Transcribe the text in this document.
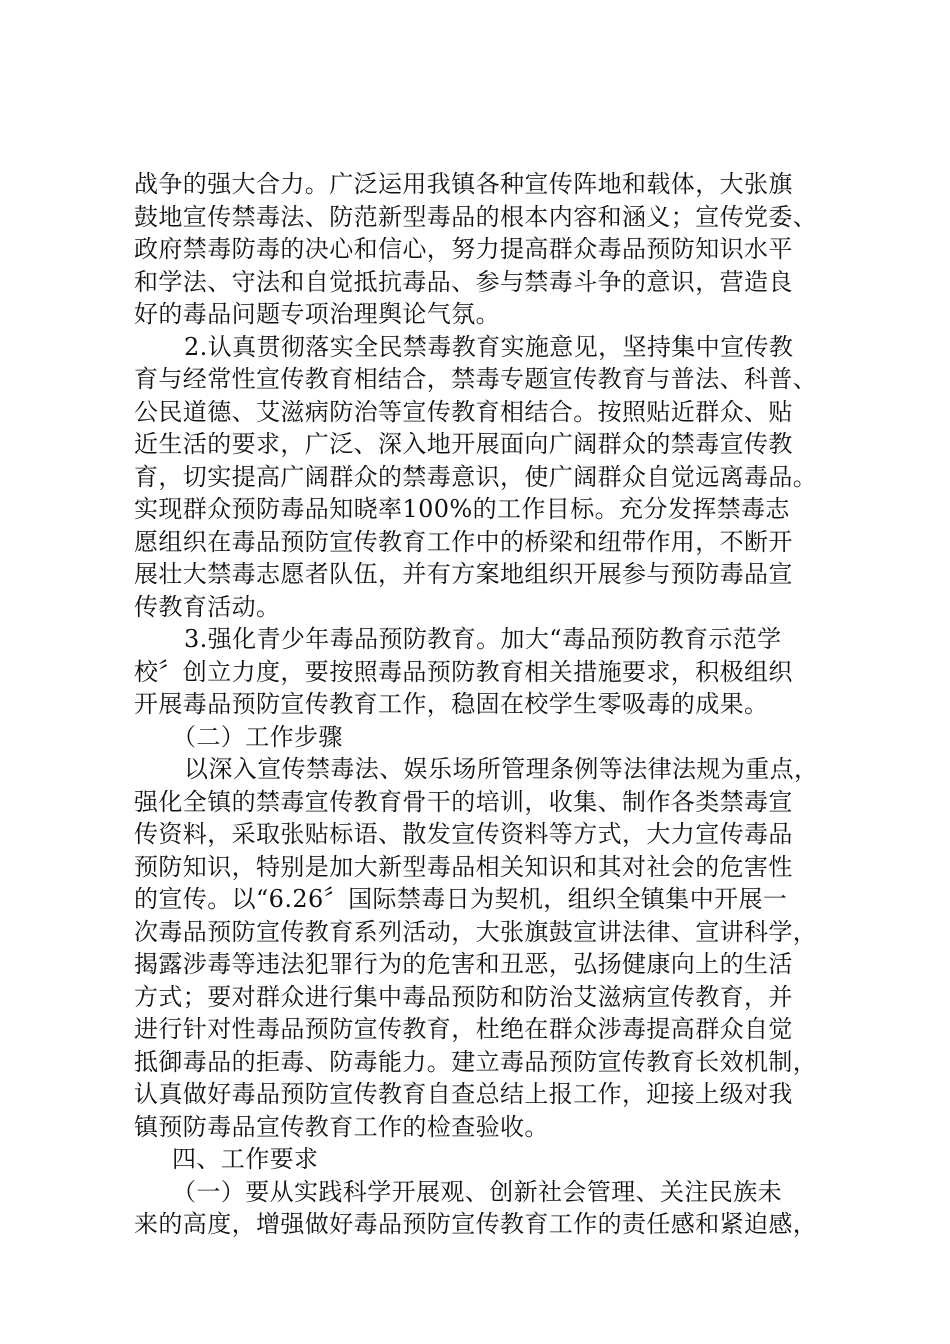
战争的强大合力。广泛运用我镇各种宣传阵地和载体，大张旗
鼓地宣传禁毒法、防范新型毒品的根本内容和涵义；宣传党委、
政府禁毒防毒的决心和信心，努力提高群众毒品预防知识水平
和学法、守法和自觉抵抗毒品、参与禁毒斗争的意识，营造良
好的毒品问题专项治理舆论气氛。
2.认真贯彻落实全民禁毒教育实施意见，坚持集中宣传教
育与经常性宣传教育相结合，禁毒专题宣传教育与普法、科普、
公民道德、艾滋病防治等宣传教育相结合。按照贴近群众、贴
近生活的要求，广泛、深入地开展面向广阔群众的禁毒宣传教
育，切实提高广阔群众的禁毒意识，使广阔群众自觉远离毒品。
实现群众预防毒品知晓率100%的工作目标。充分发挥禁毒志
愿组织在毒品预防宣传教育工作中的桥梁和纽带作用，不断开
展壮大禁毒志愿者队伍，并有方案地组织开展参与预防毒品宣
传教育活动。
3.强化青少年毒品预防教育。加大“毒品预防教育示范学
校〞创立力度，要按照毒品预防教育相关措施要求，积极组织
开展毒品预防宣传教育工作，稳固在校学生零吸毒的成果。
（二）工作步骤
以深入宣传禁毒法、娱乐场所管理条例等法律法规为重点，
强化全镇的禁毒宣传教育骨干的培训，收集、制作各类禁毒宣
传资料，采取张贴标语、散发宣传资料等方式，大力宣传毒品
预防知识，特别是加大新型毒品相关知识和其对社会的危害性
的宣传。以“6.26〞国际禁毒日为契机，组织全镇集中开展一
次毒品预防宣传教育系列活动，大张旗鼓宣讲法律、宣讲科学，
揭露涉毒等违法犯罪行为的危害和丑恶，弘扬健康向上的生活
方式；要对群众进行集中毒品预防和防治艾滋病宣传教育，并
进行针对性毒品预防宣传教育，杜绝在群众涉毒提高群众自觉
抵御毒品的拒毒、防毒能力。建立毒品预防宣传教育长效机制，
认真做好毒品预防宣传教育自查总结上报工作，迎接上级对我
镇预防毒品宣传教育工作的检查验收。
四、工作要求
（一）要从实践科学开展观、创新社会管理、关注民族未
来的高度，增强做好毒品预防宣传教育工作的责任感和紧迫感，
